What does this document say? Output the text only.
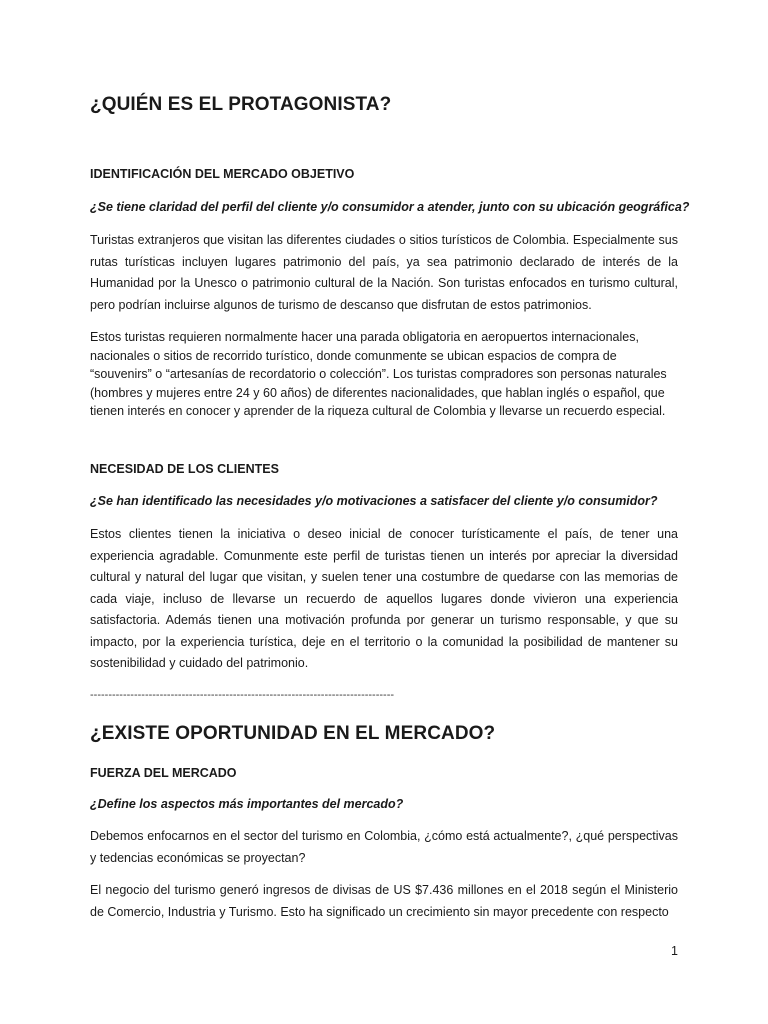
¿QUIÉN ES EL PROTAGONISTA?
IDENTIFICACIÓN DEL MERCADO OBJETIVO
¿Se tiene claridad del perfil del cliente y/o consumidor a atender, junto con su ubicación geográfica?

Turistas extranjeros que visitan las diferentes ciudades o sitios turísticos de Colombia. Especialmente sus rutas turísticas incluyen lugares patrimonio del país, ya sea patrimonio declarado de interés de la Humanidad por la Unesco o patrimonio cultural de la Nación. Son turistas enfocados en turismo cultural, pero podrían incluirse algunos de turismo de descanso que disfrutan de estos patrimonios.

Estos turistas requieren normalmente hacer una parada obligatoria en aeropuertos internacionales, nacionales o sitios de recorrido turístico, donde comunmente se ubican espacios de compra de “souvenirs” o “artesanías de recordatorio o colección”. Los turistas compradores son personas naturales (hombres y mujeres entre 24 y 60 años) de diferentes nacionalidades, que hablan inglés o español, que tienen interés en conocer y aprender de la riqueza cultural de Colombia y llevarse un recuerdo especial.

NECESIDAD DE LOS CLIENTES
¿Se han identificado las necesidades y/o motivaciones a satisfacer del cliente y/o consumidor?

Estos clientes tienen la iniciativa o deseo inicial de conocer turísticamente el país, de tener una experiencia agradable. Comunmente este perfil de turistas tienen un interés por apreciar la diversidad cultural y natural del lugar que visitan, y suelen tener una costumbre de quedarse con las memorias de cada viaje, incluso de llevarse un recuerdo de aquellos lugares donde vivieron una experiencia satisfactoria. Además tienen una motivación profunda por generar un turismo responsable, y que su impacto, por la experiencia turística, deje en el territorio o la comunidad la posibilidad de mantener su sostenibilidad y cuidado del patrimonio.

-----------------------------------------------------------------------------------
¿EXISTE OPORTUNIDAD EN EL MERCADO?
FUERZA DEL MERCADO
¿Define los aspectos más importantes del mercado?

Debemos enfocarnos en el sector del turismo en Colombia, ¿cómo está actualmente?, ¿qué perspectivas y tedencias económicas se proyectan?

El negocio del turismo generó ingresos de divisas de US $7.436 millones en el 2018 según el Ministerio de Comercio, Industria y Turismo. Esto ha significado un crecimiento sin mayor precedente con respecto

1
